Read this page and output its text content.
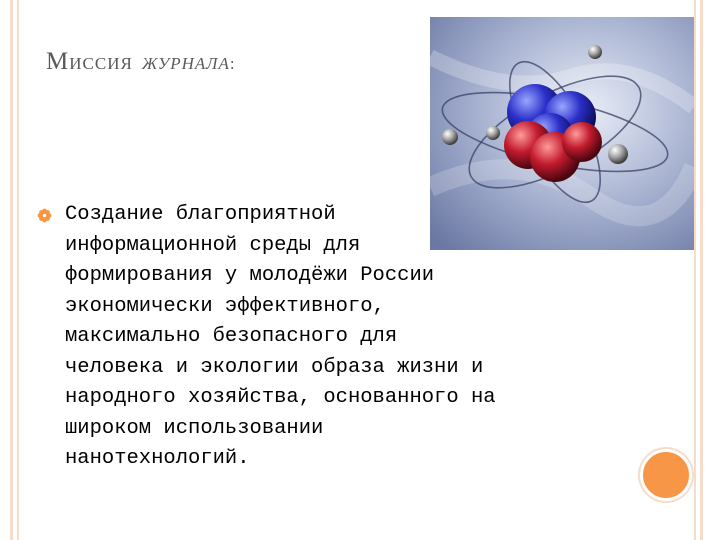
МИССИЯ ЖУРНАЛА:

Создание благоприятной
информационной среды для
формирования у молодёжи России
экономически эффективного,
максимально безопасного для
человека и экологии образа жизни и
народного хозяйства, основанного на
широком использовании
нанотехнологий.
